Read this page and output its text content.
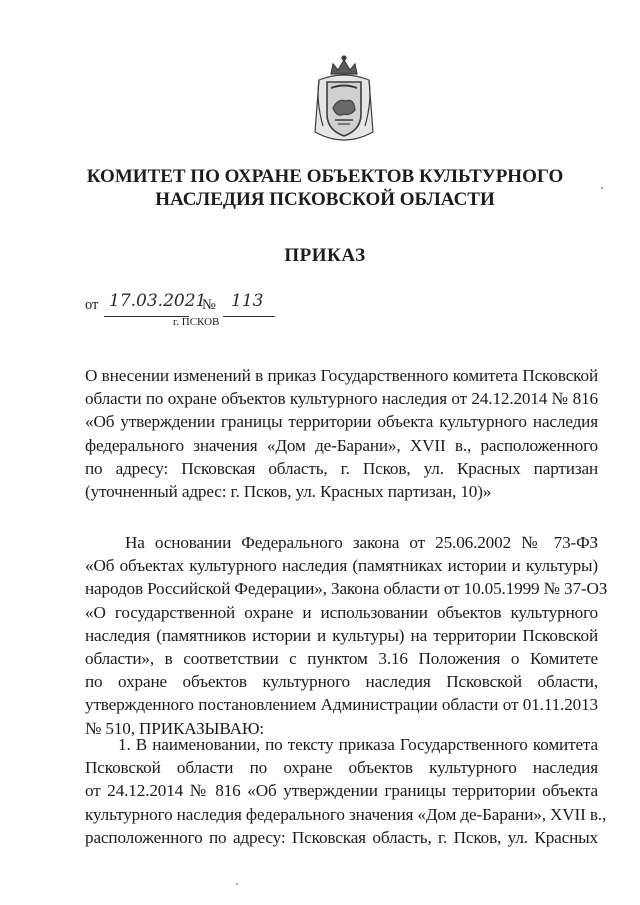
КОМИТЕТ ПО ОХРАНЕ ОБЪЕКТОВ КУЛЬТУРНОГО
НАСЛЕДИЯ ПСКОВСКОЙ ОБЛАСТИ
ПРИКАЗ
от 17.03.2021
№ 113
г. ПСКОВ
О внесении изменений в приказ Государственного комитета Псковской
области по охране объектов культурного наследия от 24.12.2014 № 816
«Об утверждении границы территории объекта культурного наследия
федерального значения «Дом де-Барани», XVII в., расположенного
по адресу: Псковская область, г. Псков, ул. Красных партизан
(уточненный адрес: г. Псков, ул. Красных партизан, 10)»
На основании Федерального закона от 25.06.2002 № 73-ФЗ
«Об объектах культурного наследия (памятниках истории и культуры)
народов Российской Федерации», Закона области от 10.05.1999 № 37-ОЗ
«О государственной охране и использовании объектов культурного
наследия (памятников истории и культуры) на территории Псковской
области», в соответствии с пунктом 3.16 Положения о Комитете
по охране объектов культурного наследия Псковской области,
утвержденного постановлением Администрации области от 01.11.2013
№ 510, ПРИКАЗЫВАЮ:
1. В наименовании, по тексту приказа Государственного комитета
Псковской области по охране объектов культурного наследия
от 24.12.2014 № 816 «Об утверждении границы территории объекта
культурного наследия федерального значения «Дом де-Барани», XVII в.,
расположенного по адресу: Псковская область, г. Псков, ул. Красных
